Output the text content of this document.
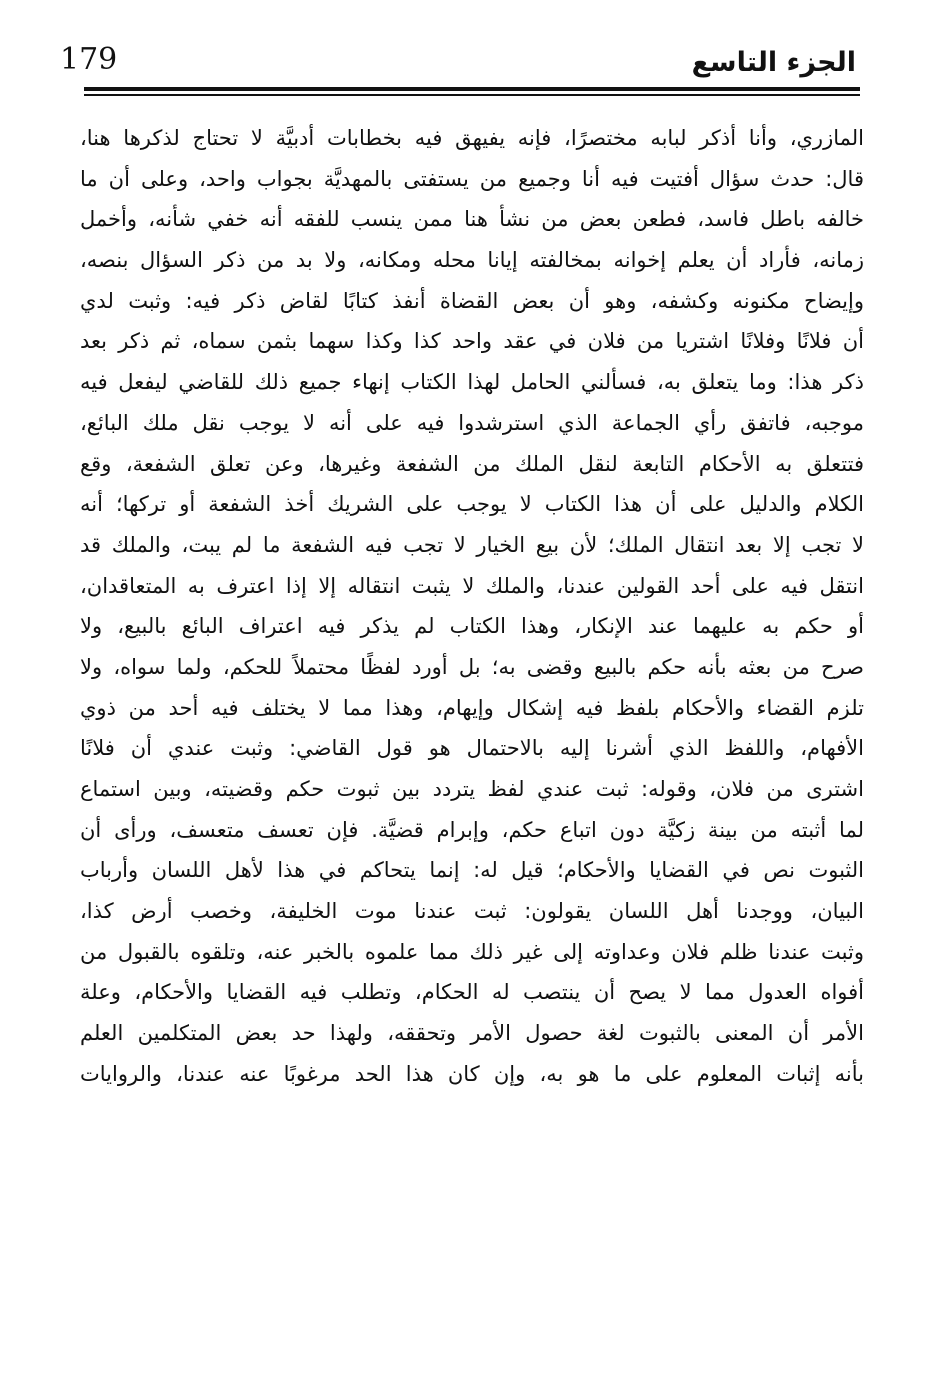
179	الجزء التاسع
المازري، وأنا أذكر لبابه مختصرًا، فإنه يفيهق فيه بخطابات أدبيَّة لا تحتاج لذكرها هنا،
قال: حدث سؤال أفتيت فيه أنا وجميع من يستفتى بالمهديَّة بجواب واحد، وعلى أن ما
خالفه باطل فاسد، فطعن بعض من نشأ هنا ممن ينسب للفقه أنه خفي شأنه، وأخمل
زمانه، فأراد أن يعلم إخوانه بمخالفته إيانا محله ومكانه، ولا بد من ذكر السؤال بنصه،
وإيضاح مكنونه وكشفه، وهو أن بعض القضاة أنفذ كتابًا لقاض ذكر فيه: وثبت لدي
أن فلانًا وفلانًا اشتريا من فلان في عقد واحد كذا وكذا سهما بثمن سماه، ثم ذكر بعد
ذكر هذا: وما يتعلق به، فسألني الحامل لهذا الكتاب إنهاء جميع ذلك للقاضي ليفعل فيه
موجبه، فاتفق رأي الجماعة الذي استرشدوا فيه على أنه لا يوجب نقل ملك البائع،
فتتعلق به الأحكام التابعة لنقل الملك من الشفعة وغيرها، وعن تعلق الشفعة، وقع
الكلام والدليل على أن هذا الكتاب لا يوجب على الشريك أخذ الشفعة أو تركها؛ أنه
لا تجب إلا بعد انتقال الملك؛ لأن بيع الخيار لا تجب فيه الشفعة ما لم يبت، والملك قد
انتقل فيه على أحد القولين عندنا، والملك لا يثبت انتقاله إلا إذا اعترف به المتعاقدان،
أو حكم به عليهما عند الإنكار، وهذا الكتاب لم يذكر فيه اعتراف البائع بالبيع، ولا
صرح من بعثه بأنه حكم بالبيع وقضى به؛ بل أورد لفظًا محتملاً للحكم، ولما سواه، ولا
تلزم القضاء والأحكام بلفظ فيه إشكال وإيهام، وهذا مما لا يختلف فيه أحد من ذوي
الأفهام، واللفظ الذي أشرنا إليه بالاحتمال هو قول القاضي: وثبت عندي أن فلانًا
اشترى من فلان، وقوله: ثبت عندي لفظ يتردد بين ثبوت حكم وقضيته، وبين استماع
لما أثبته من بينة زكيَّة دون اتباع حكم، وإبرام قضيَّة. فإن تعسف متعسف، ورأى أن
الثبوت نص في القضايا والأحكام؛ قيل له: إنما يتحاكم في هذا لأهل اللسان وأرباب
البيان، ووجدنا أهل اللسان يقولون: ثبت عندنا موت الخليفة، وخصب أرض كذا،
وثبت عندنا ظلم فلان وعداوته إلى غير ذلك مما علموه بالخبر عنه، وتلقوه بالقبول من
أفواه العدول مما لا يصح أن ينتصب له الحكام، وتطلب فيه القضايا والأحكام، وعلة
الأمر أن المعنى بالثبوت لغة حصول الأمر وتحققه، ولهذا حد بعض المتكلمين العلم
بأنه إثبات المعلوم على ما هو به، وإن كان هذا الحد مرغوبًا عنه عندنا، والروايات
